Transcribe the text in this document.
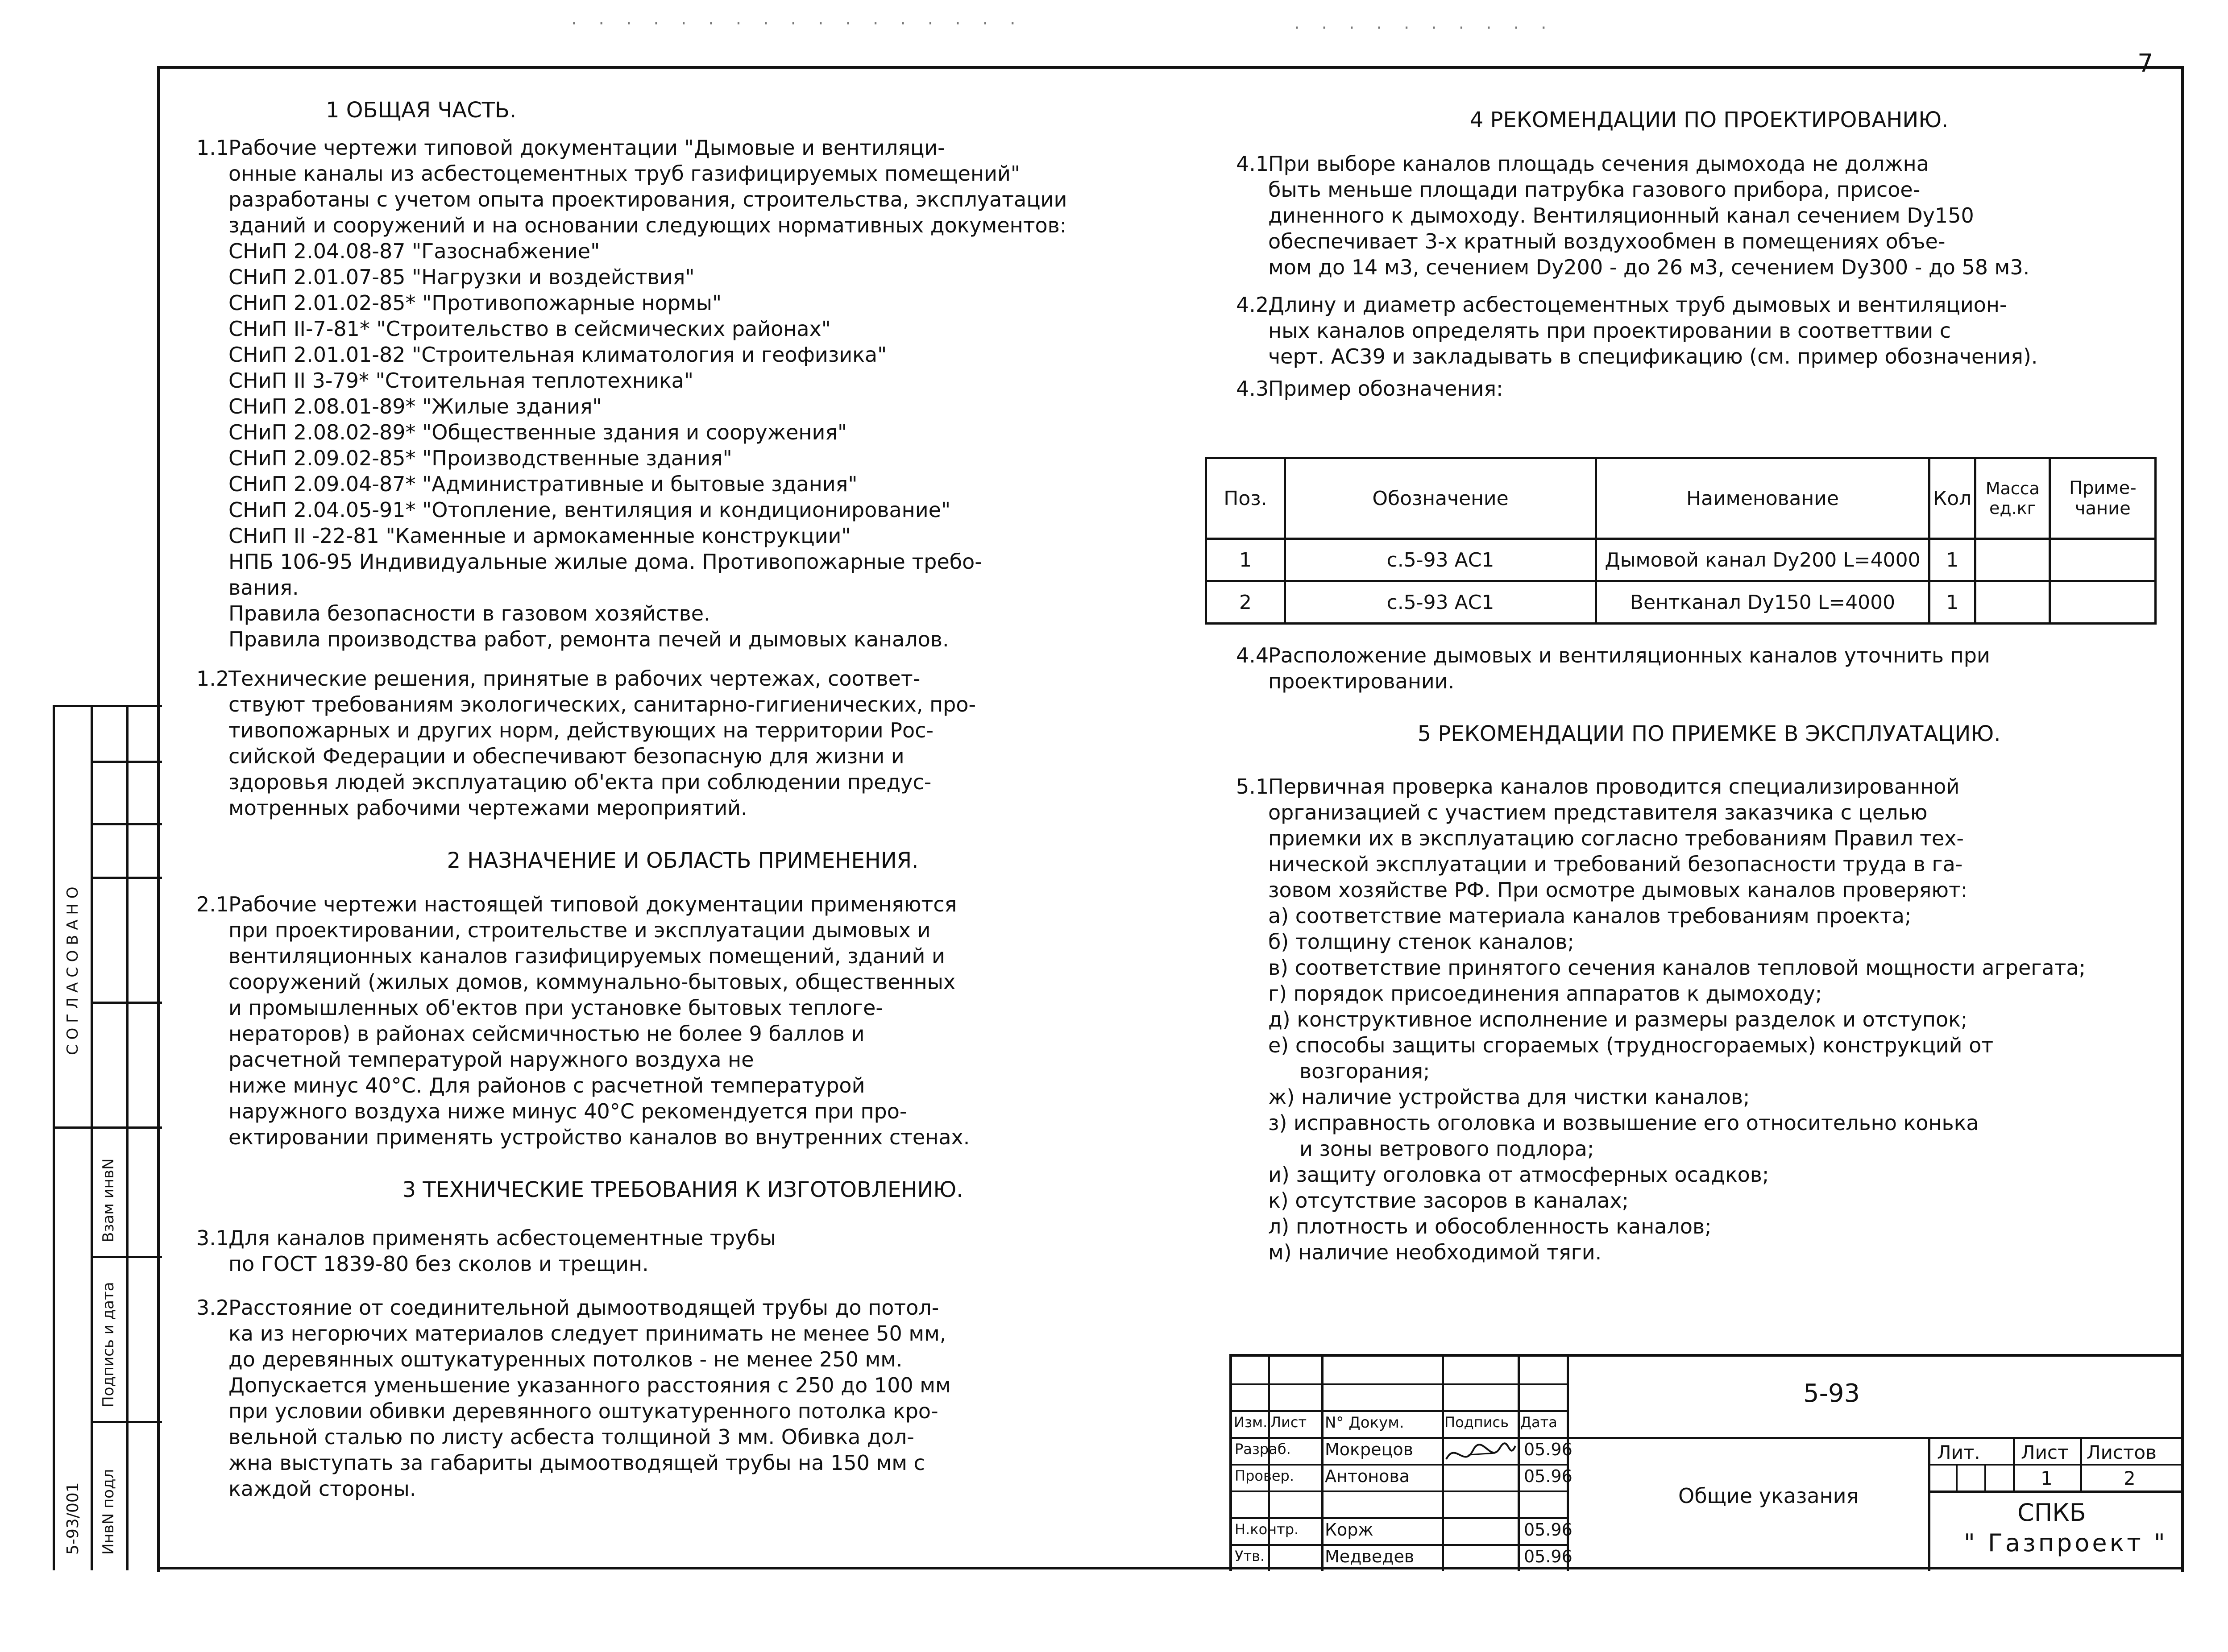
7

1 ОБЩАЯ ЧАСТЬ.

1.1Рабочие чертежи типовой документации "Дымовые и вентиляци-

онные каналы из асбестоцементных труб газифицируемых помещений"

разработаны с учетом опыта проектирования, строительства, эксплуатации

зданий и сооружений и на основании следующих нормативных документов:

СНиП 2.04.08-87 "Газоснабжение"

СНиП 2.01.07-85 "Нагрузки и воздействия"

СНиП 2.01.02-85* "Противопожарные нормы"

СНиП II-7-81* "Строительство в сейсмических районах"

СНиП 2.01.01-82 "Строительная климатология и геофизика"

СНиП II 3-79* "Стоительная теплотехника"

СНиП 2.08.01-89* "Жилые здания"

СНиП 2.08.02-89* "Общественные здания и сооружения"

СНиП 2.09.02-85* "Производственные здания"

СНиП 2.09.04-87* "Административные и бытовые здания"

СНиП 2.04.05-91* "Отопление, вентиляция и кондиционирование"

СНиП II -22-81 "Каменные и армокаменные конструкции"

НПБ 106-95 Индивидуальные жилые дома. Противопожарные требо-

вания.

Правила безопасности в газовом хозяйстве.

Правила производства работ, ремонта печей и дымовых каналов.

1.2Технические решения, принятые в рабочих чертежах, соответ-

ствуют требованиям экологических, санитарно-гигиенических, про-

тивопожарных и других норм, действующих на территории Рос-

сийской Федерации и обеспечивают безопасную для жизни и

здоровья людей эксплуатацию об'екта при соблюдении предус-

мотренных рабочими чертежами мероприятий.

2 НАЗНАЧЕНИЕ И ОБЛАСТЬ ПРИМЕНЕНИЯ.

2.1Рабочие чертежи настоящей типовой документации применяются

при проектировании, строительстве и эксплуатации дымовых и

вентиляционных каналов газифицируемых помещений, зданий и

сооружений (жилых домов, коммунально-бытовых, общественных

и промышленных об'ектов при установке бытовых теплоге-

нераторов) в районах сейсмичностью не более 9 баллов и

расчетной температурой наружного воздуха не

ниже минус 40°С. Для районов с расчетной температурой

наружного воздуха ниже минус 40°С рекомендуется при про-

ектировании применять устройство каналов во внутренних стенах.

3 ТЕХНИЧЕСКИЕ ТРЕБОВАНИЯ К ИЗГОТОВЛЕНИЮ.

3.1Для каналов применять асбестоцементные трубы

по ГОСТ 1839-80 без сколов и трещин.

3.2Расстояние от соединительной дымоотводящей трубы до потол-

ка из негорючих материалов следует принимать не менее 50 мм,

до деревянных оштукатуренных потолков - не менее 250 мм.

Допускается уменьшение указанного расстояния с 250 до 100 мм

при условии обивки деревянного оштукатуренного потолка кро-

вельной сталью по листу асбеста толщиной 3 мм. Обивка дол-

жна выступать за габариты дымоотводящей трубы на 150 мм с

каждой стороны.

4 РЕКОМЕНДАЦИИ ПО ПРОЕКТИРОВАНИЮ.

4.1При выборе каналов площадь сечения дымохода не должна

быть меньше площади патрубка газового прибора, присое-

диненного к дымоходу. Вентиляционный канал сечением Dy150

обеспечивает 3-х кратный воздухообмен в помещениях объе-

мом до 14 м3, сечением Dy200 - до 26 м3, сечением Dy300 - до 58 м3.

4.2Длину и диаметр асбестоцементных труб дымовых и вентиляцион-

ных каналов определять при проектировании в соответтвии с

черт. АС39 и закладывать в спецификацию (см. пример обозначения).

4.3Пример обозначения:
Поз.	Обозначение	Наименование	Кол	Масса ед.кг	Приме-чание
1	с.5-93 АС1	Дымовой канал Dy200 L=4000	1		
2	с.5-93 АС1	Вентканал Dy150 L=4000	1		
4.4Расположение дымовых и вентиляционных каналов уточнить при

проектировании.

5 РЕКОМЕНДАЦИИ ПО ПРИЕМКЕ В ЭКСПЛУАТАЦИЮ.

5.1Первичная проверка каналов проводится специализированной

организацией с участием представителя заказчика с целью

приемки их в эксплуатацию согласно требованиям Правил тех-

нической эксплуатации и требований безопасности труда в га-

зовом хозяйстве РФ. При осмотре дымовых каналов проверяют:

а) соответствие материала каналов требованиям проекта;

б) толщину стенок каналов;

в) соответствие принятого сечения каналов тепловой мощности агрегата;

г) порядок присоединения аппаратов к дымоходу;

д) конструктивное исполнение и размеры разделок и отступок;

е) способы защиты сгораемых (трудносгораемых) конструкций от

возгорания;

ж) наличие устройства для чистки каналов;

з) исправность оголовка и возвышение его относительно конька

и зоны ветрового подлора;

и) защиту оголовка от атмосферных осадков;

к) отсутствие засоров в каналах;

л) плотность и обособленность каналов;

м) наличие необходимой тяги.

С О Г Л А С О В А Н О
Взам инвN
Подпись и дата
ИнвN подл
5-93/001
5-93
Изм. Лист N° Докум.	Подпись Дата
Разраб. Мокрецов	05.96
Провер. Антонова	05.96
Н.контр. Корж	05.96
Утв.	Медведев	05.96
Общие указания
Лит. Лист Листов
1	2
СПКБ
" Газпроект "
· · · · · · · · · · · · · · · · ·	· · · · · · · · · ·
